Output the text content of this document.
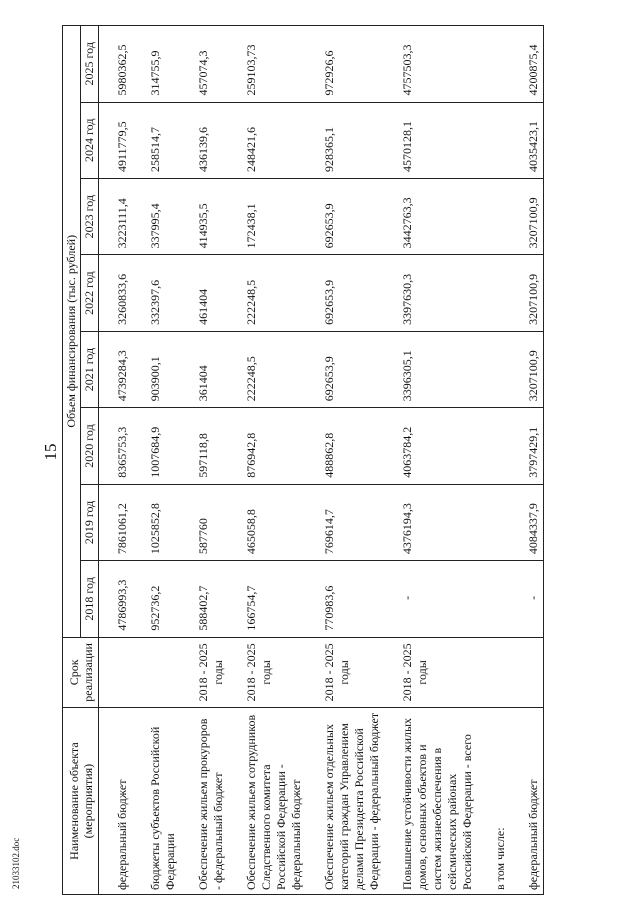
15
21033102.doc
Наименование объекта (мероприятия)	Срок реализации	Объем финансирования (тыс. рублей)							
		2018 год	2019 год	2020 год	2021 год	2022 год	2023 год	2024 год	2025 год

федеральный бюджет		4786993,3	7861061,2	8365753,3	4739284,3	3260833,6	3223111,4	4911779,5	5980362,5

бюджеты субъектов Российской Федерации		952736,2	1025852,8	1007684,9	903900,1	332397,6	337995,4	258514,7	314755,9

Обеспечение жильем прокуроров - федеральный бюджет	2018 - 2025 годы	588402,7	587760	597118,8	361404	461404	414935,5	436139,6	457074,3

Обеспечение жильем сотрудников Следственного комитета Российской Федерации - федеральный бюджет	2018 - 2025 годы	166754,7	465058,8	876942,8	222248,5	222248,5	172438,1	248421,6	259103,73

Обеспечение жильем отдельных категорий граждан Управлением делами Президента Российской Федерации - федеральный бюджет	2018 - 2025 годы	770983,6	769614,7	488862,8	692653,9	692653,9	692653,9	928365,1	972926,6

Повышение устойчивости жилых домов, основных объектов и систем жизнеобеспечения в сейсмических районах Российской Федерации - всего	2018 - 2025 годы	-	4376194,3	4063784,2	3396305,1	3397630,3	3442763,3	4570128,1	4757503,3

в том числе:									

федеральный бюджет		-	4084337,9	3797429,1	3207100,9	3207100,9	3207100,9	4035423,1	4200875,4
